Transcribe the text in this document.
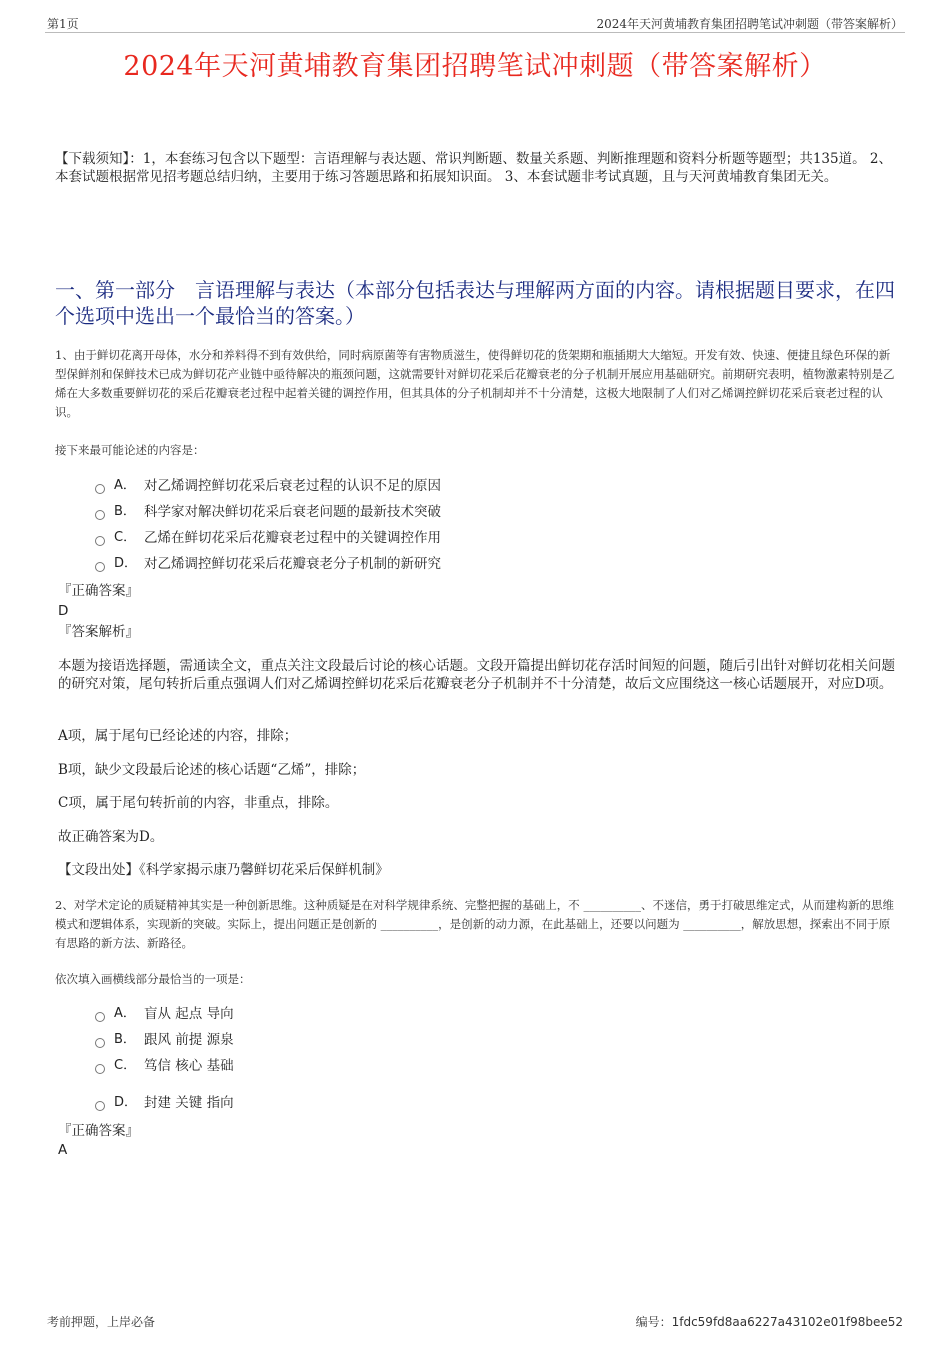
第1页	2024年天河黄埔教育集团招聘笔试冲刺题（带答案解析）
2024年天河黄埔教育集团招聘笔试冲刺题（带答案解析）
【下载须知】：1，本套练习包含以下题型：言语理解与表达题、常识判断题、数量关系题、判断推理题和资料分析题等题型；共135道。 2、本套试题根据常见招考题总结归纳，主要用于练习答题思路和拓展知识面。 3、本套试题非考试真题，且与天河黄埔教育集团无关。
一、第一部分　言语理解与表达（本部分包括表达与理解两方面的内容。请根据题目要求，在四个选项中选出一个最恰当的答案。）
1、由于鲜切花离开母体，水分和养料得不到有效供给，同时病原菌等有害物质滋生，使得鲜切花的货架期和瓶插期大大缩短。开发有效、快速、便捷且绿色环保的新型保鲜剂和保鲜技术已成为鲜切花产业链中亟待解决的瓶颈问题，这就需要针对鲜切花采后花瓣衰老的分子机制开展应用基础研究。前期研究表明，植物激素特别是乙烯在大多数重要鲜切花的采后花瓣衰老过程中起着关键的调控作用，但其具体的分子机制却并不十分清楚，这极大地限制了人们对乙烯调控鲜切花采后衰老过程的认识。
接下来最可能论述的内容是：
A． 对乙烯调控鲜切花采后衰老过程的认识不足的原因
B． 科学家对解决鲜切花采后衰老问题的最新技术突破
C． 乙烯在鲜切花采后花瓣衰老过程中的关键调控作用
D． 对乙烯调控鲜切花采后花瓣衰老分子机制的新研究
『正确答案』
D
『答案解析』
本题为接语选择题，需通读全文，重点关注文段最后讨论的核心话题。文段开篇提出鲜切花存活时间短的问题，随后引出针对鲜切花相关问题的研究对策，尾句转折后重点强调人们对乙烯调控鲜切花采后花瓣衰老分子机制并不十分清楚，故后文应围绕这一核心话题展开，对应D项。
A项，属于尾句已经论述的内容，排除；
B项，缺少文段最后论述的核心话题“乙烯”，排除；
C项，属于尾句转折前的内容，非重点，排除。
故正确答案为D。
【文段出处】《科学家揭示康乃馨鲜切花采后保鲜机制》
2、对学术定论的质疑精神其实是一种创新思维。这种质疑是在对科学规律系统、完整把握的基础上，不 __________、不迷信，勇于打破思维定式，从而建构新的思维模式和逻辑体系，实现新的突破。实际上，提出问题正是创新的 __________，是创新的动力源，在此基础上，还要以问题为 __________，解放思想，探索出不同于原有思路的新方法、新路径。
依次填入画横线部分最恰当的一项是：
A． 盲从 起点 导向
B． 跟风 前提 源泉
C． 笃信 核心 基础
D． 封建 关键 指向
『正确答案』
A
考前押题，上岸必备	编号：1fdc59fd8aa6227a43102e01f98bee52
